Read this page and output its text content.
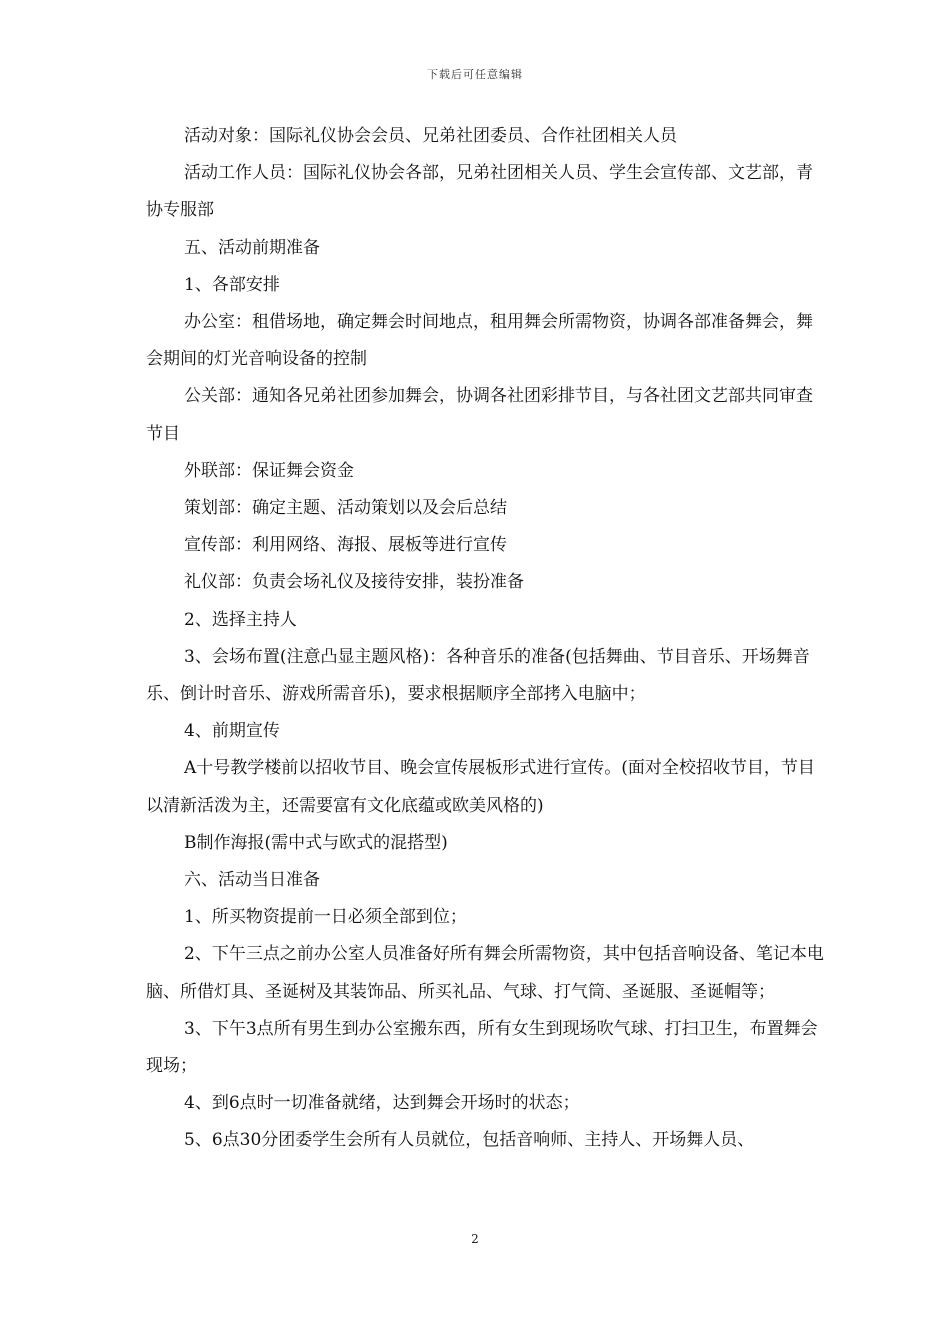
下载后可任意编辑

活动对象：国际礼仪协会会员、兄弟社团委员、合作社团相关人员

活动工作人员：国际礼仪协会各部，兄弟社团相关人员、学生会宣传部、文艺部，青协专服部

五、活动前期准备

1、各部安排

办公室：租借场地，确定舞会时间地点，租用舞会所需物资，协调各部准备舞会，舞会期间的灯光音响设备的控制

公关部：通知各兄弟社团参加舞会，协调各社团彩排节目，与各社团文艺部共同审查节目

外联部：保证舞会资金

策划部：确定主题、活动策划以及会后总结

宣传部：利用网络、海报、展板等进行宣传

礼仪部：负责会场礼仪及接待安排，装扮准备

2、选择主持人

3、会场布置(注意凸显主题风格)：各种音乐的准备(包括舞曲、节目音乐、开场舞音乐、倒计时音乐、游戏所需音乐)，要求根据顺序全部拷入电脑中；

4、前期宣传

A十号教学楼前以招收节目、晚会宣传展板形式进行宣传。(面对全校招收节目，节目以清新活泼为主，还需要富有文化底蕴或欧美风格的)

B制作海报(需中式与欧式的混搭型)

六、活动当日准备

1、所买物资提前一日必须全部到位；

2、下午三点之前办公室人员准备好所有舞会所需物资，其中包括音响设备、笔记本电脑、所借灯具、圣诞树及其装饰品、所买礼品、气球、打气筒、圣诞服、圣诞帽等；

3、下午3点所有男生到办公室搬东西，所有女生到现场吹气球、打扫卫生，布置舞会现场；

4、到6点时一切准备就绪，达到舞会开场时的状态；

5、6点30分团委学生会所有人员就位，包括音响师、主持人、开场舞人员、

2
